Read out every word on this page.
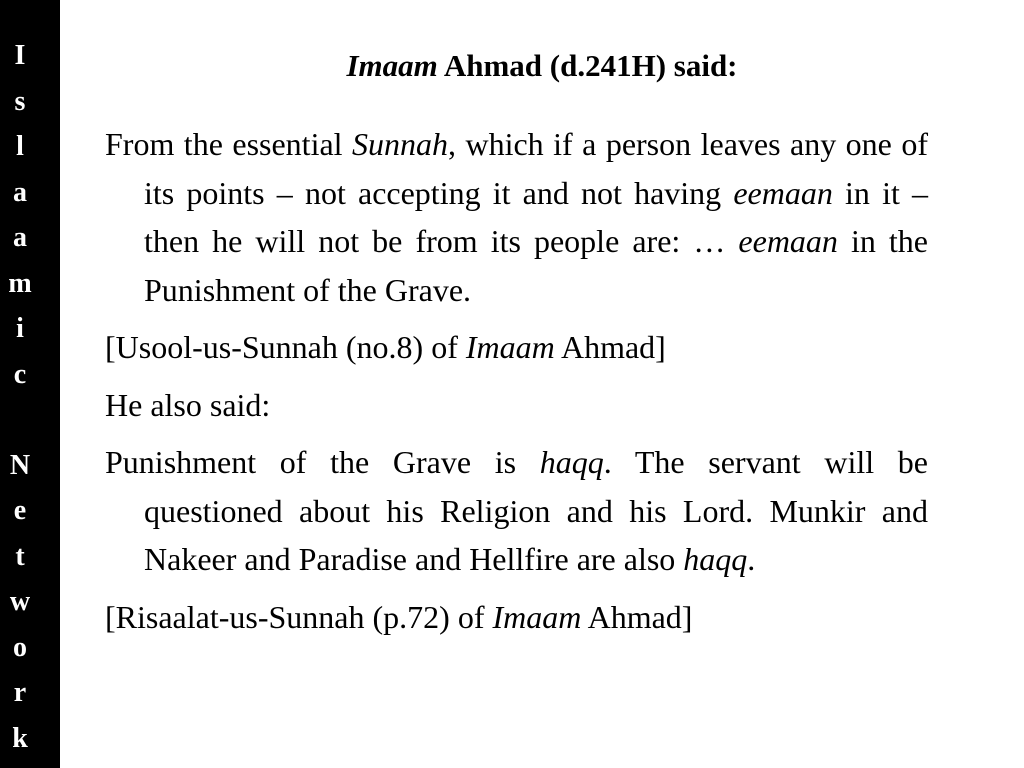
I
s
l
a
a
m
i
c
N
e
t
w
o
r
k
Imaam Ahmad (d.241H) said:

From the essential Sunnah, which if a person leaves any one of its points – not accepting it and not having eemaan in it – then he will not be from its people are: … eemaan in the Punishment of the Grave.

[Usool-us-Sunnah (no.8) of Imaam Ahmad]

He also said:

Punishment of the Grave is haqq. The servant will be questioned about his Religion and his Lord. Munkir and Nakeer and Paradise and Hellfire are also haqq.

[Risaalat-us-Sunnah (p.72) of Imaam Ahmad]
